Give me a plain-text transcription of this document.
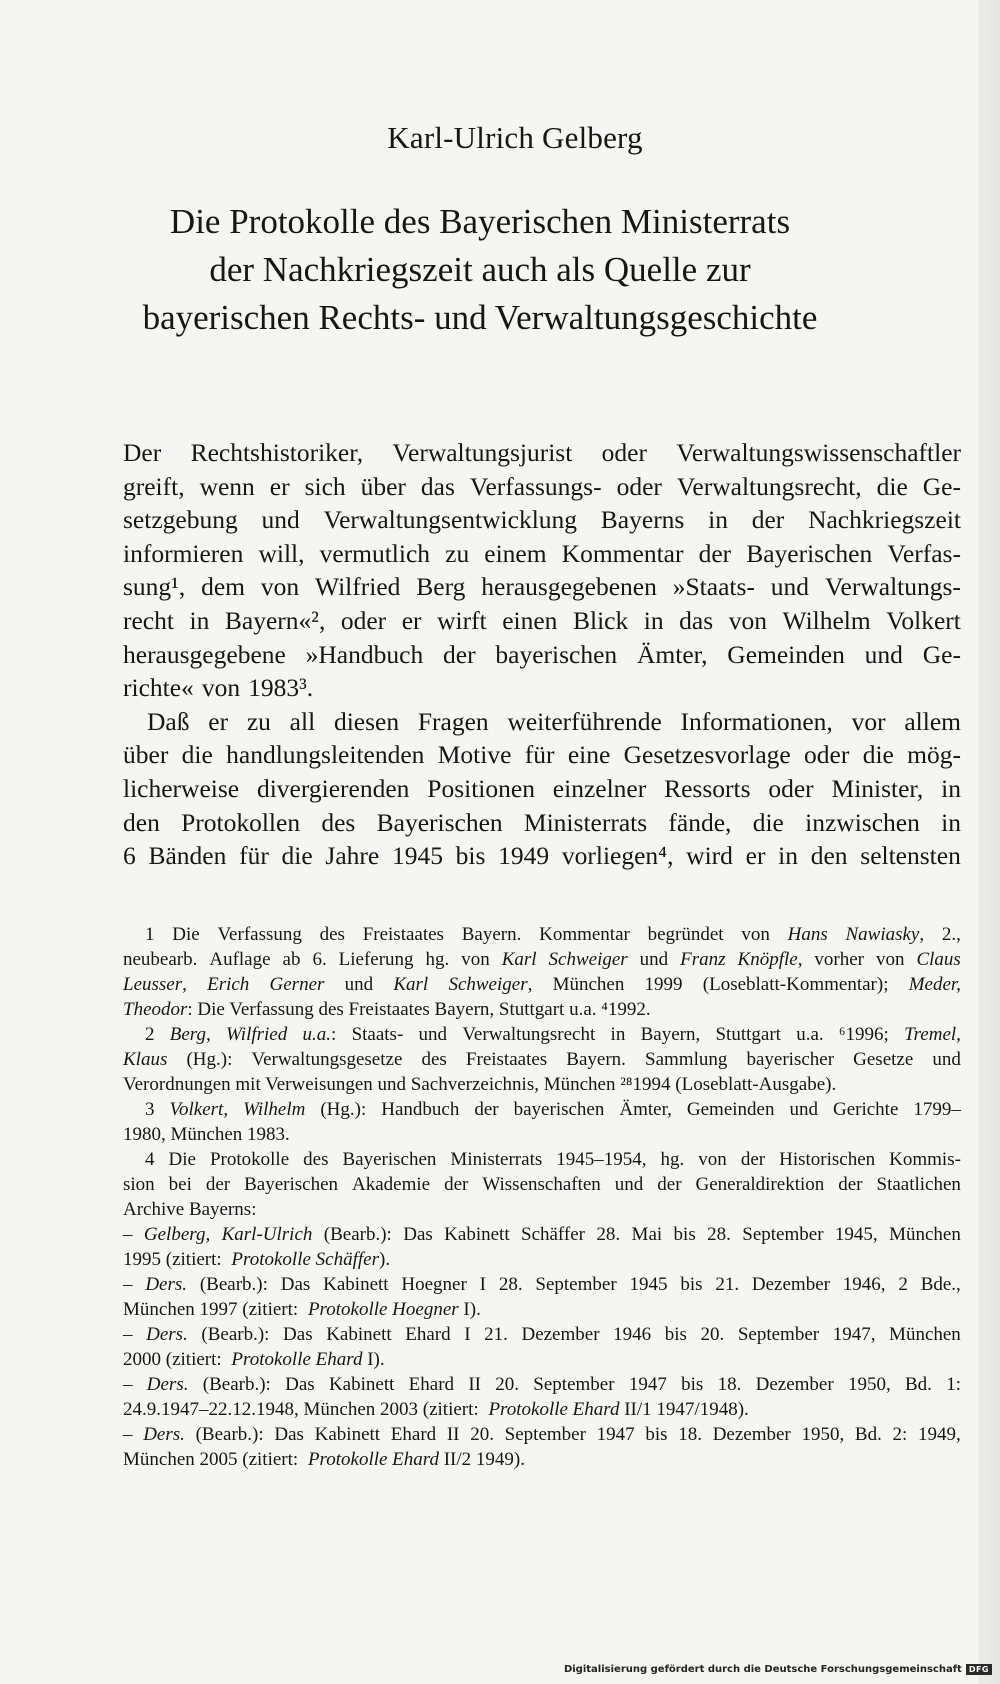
Karl-Ulrich Gelberg
Die Protokolle des Bayerischen Ministerrats
der Nachkriegszeit auch als Quelle zur
bayerischen Rechts- und Verwaltungsgeschichte
Der Rechtshistoriker, Verwaltungsjurist oder Verwaltungswissenschaftler
greift, wenn er sich über das Verfassungs- oder Verwaltungsrecht, die Ge-
setzgebung und Verwaltungsentwicklung Bayerns in der Nachkriegszeit
informieren will, vermutlich zu einem Kommentar der Bayerischen Verfas-
sung¹, dem von Wilfried Berg herausgegebenen »Staats- und Verwaltungs-
recht in Bayern«², oder er wirft einen Blick in das von Wilhelm Volkert
herausgegebene »Handbuch der bayerischen Ämter, Gemeinden und Ge-
richte« von 1983³.
Daß er zu all diesen Fragen weiterführende Informationen, vor allem
über die handlungsleitenden Motive für eine Gesetzesvorlage oder die mög-
licherweise divergierenden Positionen einzelner Ressorts oder Minister, in
den Protokollen des Bayerischen Ministerrats fände, die inzwischen in
6 Bänden für die Jahre 1945 bis 1949 vorliegen⁴, wird er in den seltensten
1 Die Verfassung des Freistaates Bayern. Kommentar begründet von Hans Nawiasky, 2.,
neubearb. Auflage ab 6. Lieferung hg. von Karl Schweiger und Franz Knöpfle, vorher von Claus
Leusser, Erich Gerner und Karl Schweiger, München 1999 (Loseblatt-Kommentar); Meder,
Theodor : Die Verfassung des Freistaates Bayern, Stuttgart u.a. ⁴1992.
2 Berg, Wilfried u.a.: Staats- und Verwaltungsrecht in Bayern, Stuttgart u.a. ⁶1996; Tremel,
Klaus (Hg.): Verwaltungsgesetze des Freistaates Bayern. Sammlung bayerischer Gesetze und
Verordnungen mit Verweisungen und Sachverzeichnis, München ²⁸1994 (Loseblatt-Ausgabe).
3 Volkert, Wilhelm (Hg.): Handbuch der bayerischen Ämter, Gemeinden und Gerichte 1799–
1980, München 1983.
4 Die Protokolle des Bayerischen Ministerrats 1945–1954, hg. von der Historischen Kommis-
sion bei der Bayerischen Akademie der Wissenschaften und der Generaldirektion der Staatlichen
Archive Bayerns:
– Gelberg, Karl-Ulrich (Bearb.): Das Kabinett Schäffer 28. Mai bis 28. September 1945, München
1995 (zitiert: Protokolle Schäffer ).
– Ders. (Bearb.): Das Kabinett Hoegner I 28. September 1945 bis 21. Dezember 1946, 2 Bde.,
München 1997 (zitiert: Protokolle Hoegner I).
– Ders. (Bearb.): Das Kabinett Ehard I 21. Dezember 1946 bis 20. September 1947, München
2000 (zitiert: Protokolle Ehard I).
– Ders. (Bearb.): Das Kabinett Ehard II 20. September 1947 bis 18. Dezember 1950, Bd. 1:
24.9.1947–22.12.1948, München 2003 (zitiert: Protokolle Ehard II/1 1947/1948).
– Ders. (Bearb.): Das Kabinett Ehard II 20. September 1947 bis 18. Dezember 1950, Bd. 2: 1949,
München 2005 (zitiert: Protokolle Ehard II/2 1949).
Digitalisierung gefördert durch die Deutsche Forschungsgemeinschaft DFG
